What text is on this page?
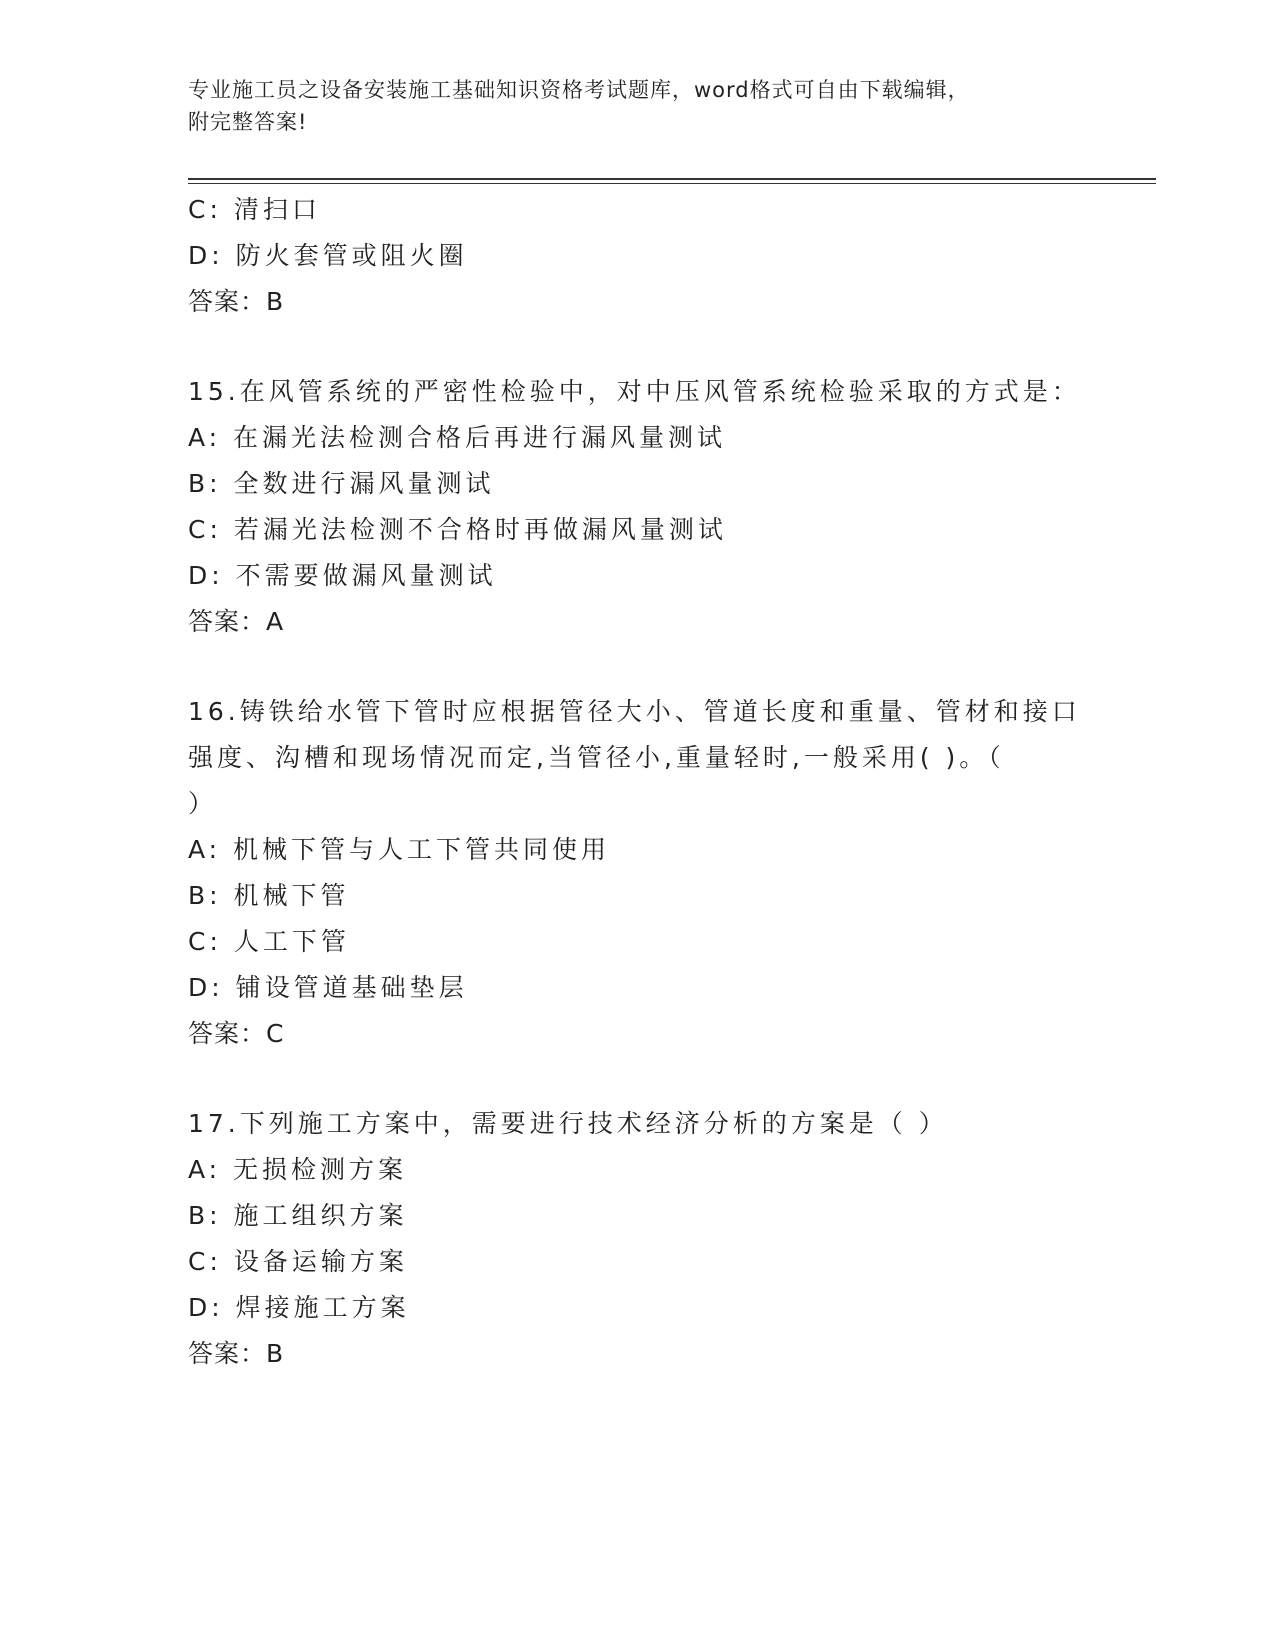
专业施工员之设备安装施工基础知识资格考试题库，word格式可自由下载编辑，
附完整答案!
C: 清扫口
D: 防火套管或阻火圈
答案：B
15.在风管系统的严密性检验中，对中压风管系统检验采取的方式是：
A: 在漏光法检测合格后再进行漏风量测试
B: 全数进行漏风量测试
C: 若漏光法检测不合格时再做漏风量测试
D: 不需要做漏风量测试
答案：A
16.铸铁给水管下管时应根据管径大小、管道长度和重量、管材和接口
强度、沟槽和现场情况而定,当管径小,重量轻时,一般采用( )。（
）
A: 机械下管与人工下管共同使用
B: 机械下管
C: 人工下管
D: 铺设管道基础垫层
答案：C
17.下列施工方案中，需要进行技术经济分析的方案是（ ）
A: 无损检测方案
B: 施工组织方案
C: 设备运输方案
D: 焊接施工方案
答案：B
